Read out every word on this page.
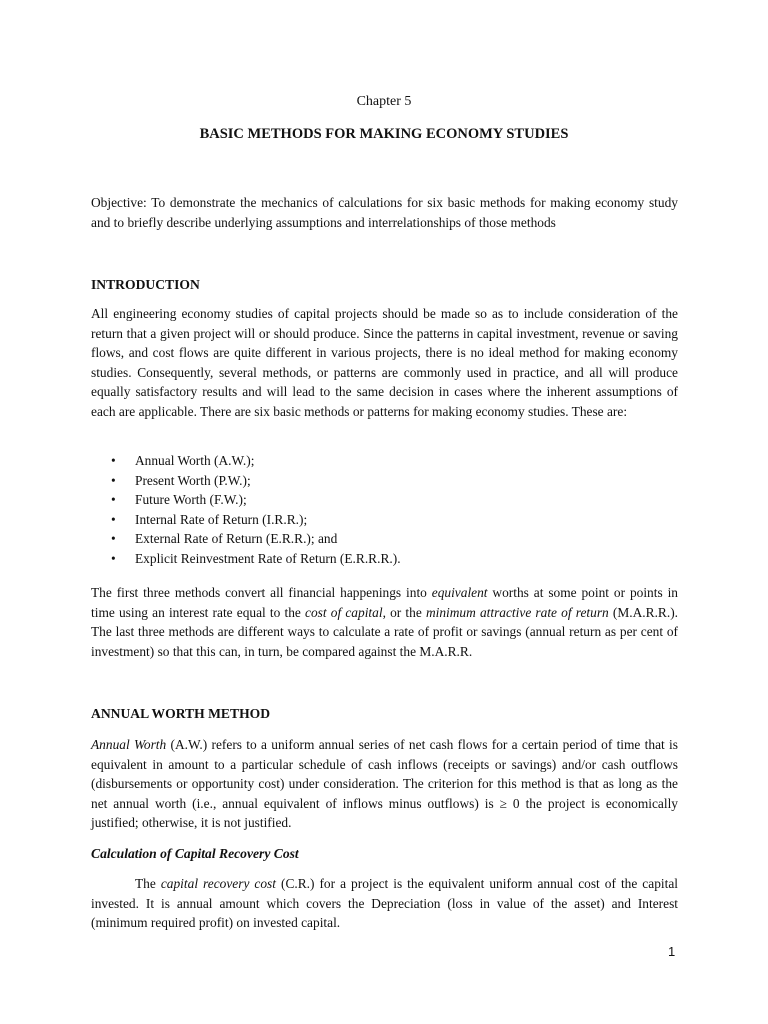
Chapter 5
BASIC METHODS FOR MAKING ECONOMY STUDIES

Objective: To demonstrate the mechanics of calculations for six basic methods for making economy study and to briefly describe underlying assumptions and interrelationships of those methods

INTRODUCTION

All engineering economy studies of capital projects should be made so as to include consideration of the return that a given project will or should produce. Since the patterns in capital investment, revenue or saving flows, and cost flows are quite different in various projects, there is no ideal method for making economy studies. Consequently, several methods, or patterns are commonly used in practice, and all will produce equally satisfactory results and will lead to the same decision in cases where the inherent assumptions of each are applicable. There are six basic methods or patterns for making economy studies. These are:

• Annual Worth (A.W.);
• Present Worth (P.W.);
• Future Worth (F.W.);
• Internal Rate of Return (I.R.R.);
• External Rate of Return (E.R.R.); and
• Explicit Reinvestment Rate of Return (E.R.R.R.).

The first three methods convert all financial happenings into equivalent worths at some point or points in time using an interest rate equal to the cost of capital, or the minimum attractive rate of return (M.A.R.R.). The last three methods are different ways to calculate a rate of profit or savings (annual return as per cent of investment) so that this can, in turn, be compared against the M.A.R.R.

ANNUAL WORTH METHOD

Annual Worth (A.W.) refers to a uniform annual series of net cash flows for a certain period of time that is equivalent in amount to a particular schedule of cash inflows (receipts or savings) and/or cash outflows (disbursements or opportunity cost) under consideration. The criterion for this method is that as long as the net annual worth (i.e., annual equivalent of inflows minus outflows) is ≥ 0 the project is economically justified; otherwise, it is not justified.

Calculation of Capital Recovery Cost

The capital recovery cost (C.R.) for a project is the equivalent uniform annual cost of the capital invested. It is annual amount which covers the Depreciation (loss in value of the asset) and Interest (minimum required profit) on invested capital.

1
